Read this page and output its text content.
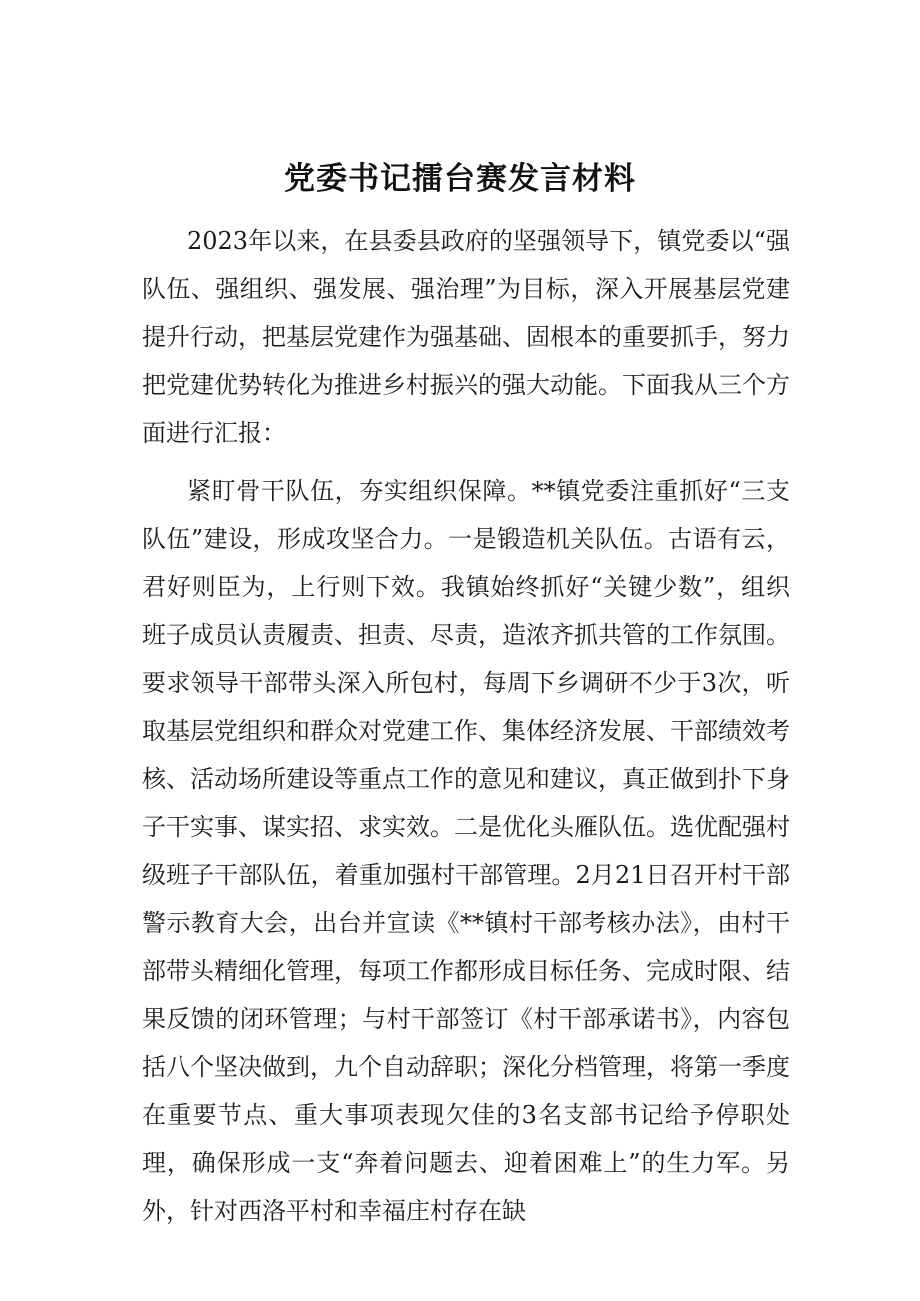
党委书记擂台赛发言材料

2023年以来，在县委县政府的坚强领导下，镇党委以“强队伍、强组织、强发展、强治理”为目标，深入开展基层党建提升行动，把基层党建作为强基础、固根本的重要抓手，努力把党建优势转化为推进乡村振兴的强大动能。下面我从三个方面进行汇报：

紧盯骨干队伍，夯实组织保障。**镇党委注重抓好“三支队伍”建设，形成攻坚合力。一是锻造机关队伍。古语有云，君好则臣为，上行则下效。我镇始终抓好“关键少数”，组织班子成员认责履责、担责、尽责，造浓齐抓共管的工作氛围。要求领导干部带头深入所包村，每周下乡调研不少于3次，听取基层党组织和群众对党建工作、集体经济发展、干部绩效考核、活动场所建设等重点工作的意见和建议，真正做到扑下身子干实事、谋实招、求实效。二是优化头雁队伍。选优配强村级班子干部队伍，着重加强村干部管理。2月21日召开村干部警示教育大会，出台并宣读《**镇村干部考核办法》，由村干部带头精细化管理，每项工作都形成目标任务、完成时限、结果反馈的闭环管理；与村干部签订《村干部承诺书》，内容包括八个坚决做到，九个自动辞职；深化分档管理，将第一季度在重要节点、重大事项表现欠佳的3名支部书记给予停职处理，确保形成一支“奔着问题去、迎着困难上”的生力军。另外，针对西洛平村和幸福庄村存在缺
